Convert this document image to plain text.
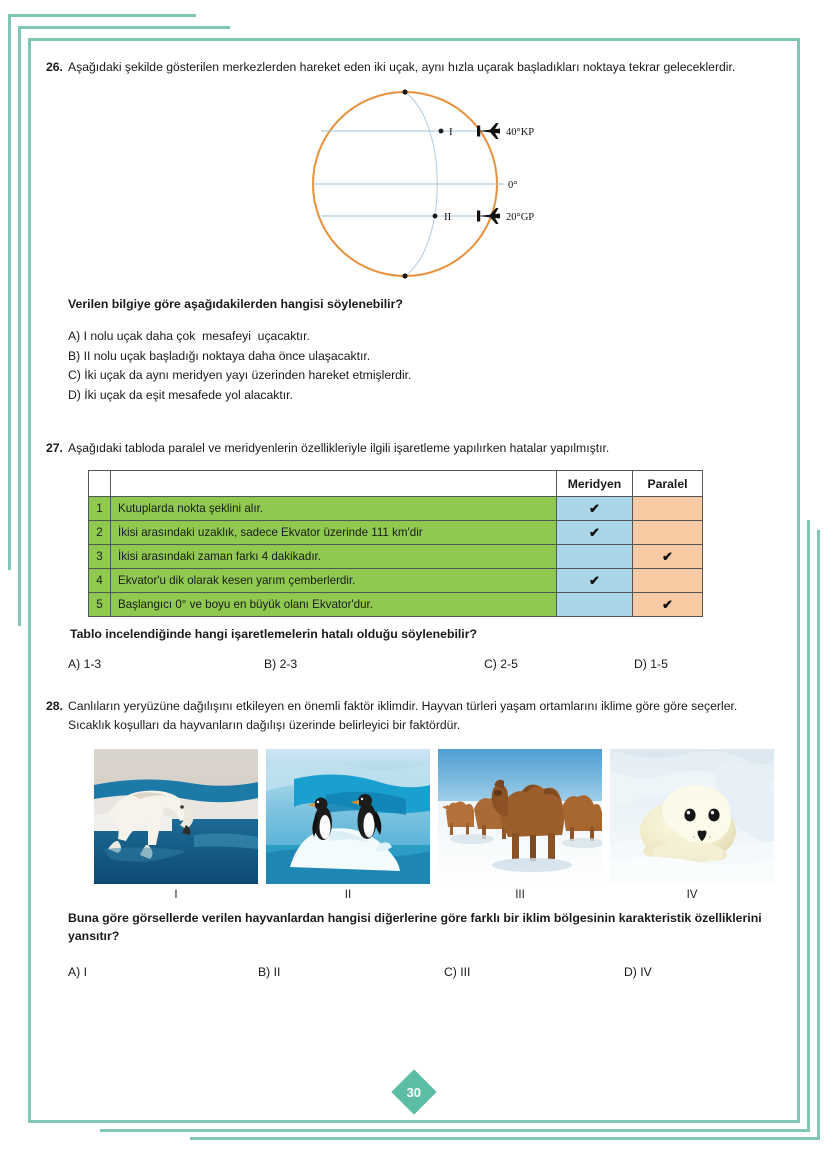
26. Aşağıdaki şekilde gösterilen merkezlerden hareket eden iki uçak, aynı hızla uçarak başladıkları noktaya tekrar geleceklerdir.
I
II
40°KP
0°
20°GP
Verilen bilgiye göre aşağıdakilerden hangisi söylenebilir?
A) I nolu uçak daha çok  mesafeyi  uçacaktır.
B) II nolu uçak başladığı noktaya daha önce ulaşacaktır.
C) İki uçak da aynı meridyen yayı üzerinden hareket etmişlerdir.
D) İki uçak da eşit mesafede yol alacaktır.
27. Aşağıdaki tabloda paralel ve meridyenlerin özellikleriyle ilgili işaretleme yapılırken hatalar yapılmıştır.
		Meridyen	Paralel
1	Kutuplarda nokta şeklini alır.	✔	
2	İkisi arasındaki uzaklık, sadece Ekvator üzerinde 111 km'dir	✔	
3	İkisi arasındaki zaman farkı 4 dakikadır.		✔
4	Ekvator'u dik olarak kesen yarım çemberlerdir.	✔	
5	Başlangıcı 0° ve boyu en büyük olanı Ekvator'dur.		✔
Tablo incelendiğinde hangi işaretlemelerin hatalı olduğu söylenebilir?
A) 1-3	B) 2-3	C) 2-5	D) 1-5
28. Canlıların yeryüzüne dağılışını etkileyen en önemli faktör iklimdir. Hayvan türleri yaşam ortamlarını iklime göre göre seçerler. Sıcaklık koşulları da hayvanların dağılışı üzerinde belirleyici bir faktördür.
I	II	III	IV
Buna göre görsellerde verilen hayvanlardan hangisi diğerlerine göre farklı bir iklim bölgesinin karakteristik özelliklerini yansıtır?
A) I	B) II	C) III	D) IV
30
